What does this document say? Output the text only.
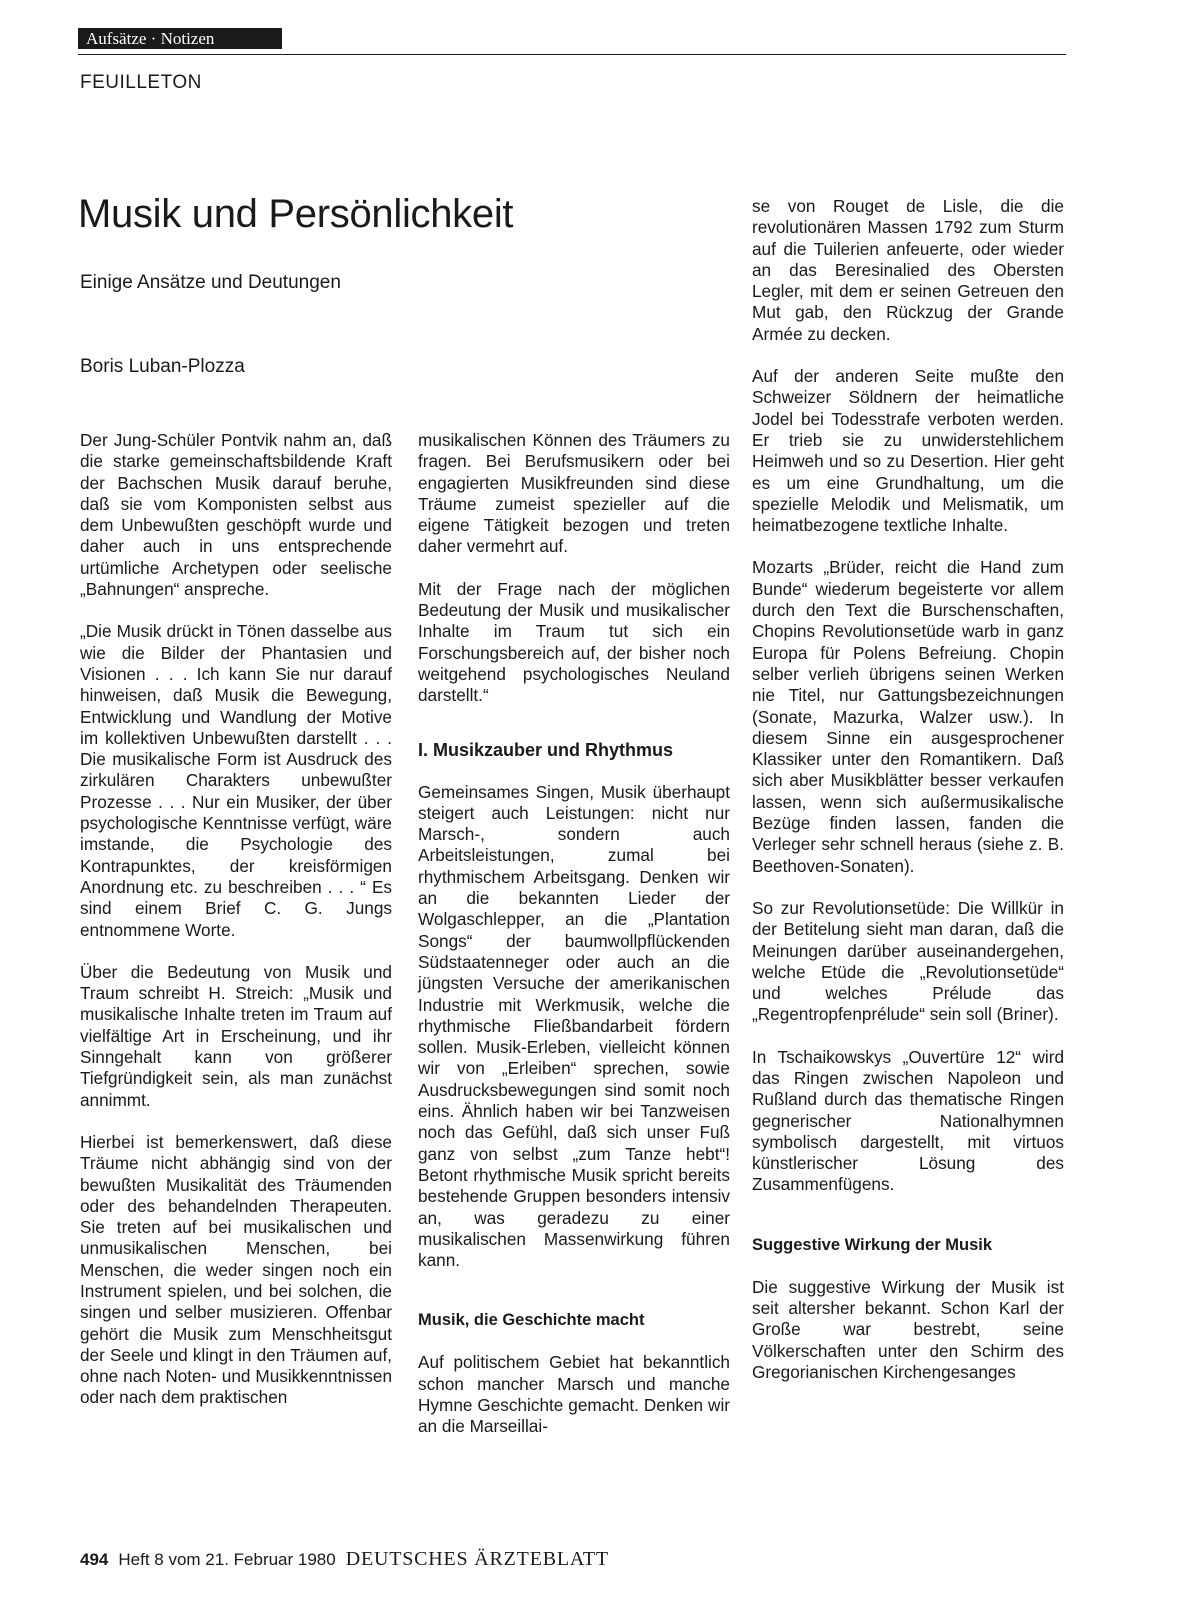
Aufsätze · Notizen
FEUILLETON
Musik und Persönlichkeit
Einige Ansätze und Deutungen
Boris Luban-Plozza

Der Jung-Schüler Pontvik nahm an, daß die starke gemeinschaftsbildende Kraft der Bachschen Musik darauf beruhe, daß sie vom Komponisten selbst aus dem Unbewußten geschöpft wurde und daher auch in uns entsprechende urtümliche Archetypen oder seelische „Bahnungen“ anspreche.

„Die Musik drückt in Tönen dasselbe aus wie die Bilder der Phantasien und Visionen . . . Ich kann Sie nur darauf hinweisen, daß Musik die Bewegung, Entwicklung und Wandlung der Motive im kollektiven Unbewußten darstellt . . . Die musikalische Form ist Ausdruck des zirkulären Charakters unbewußter Prozesse . . . Nur ein Musiker, der über psychologische Kenntnisse verfügt, wäre imstande, die Psychologie des Kontrapunktes, der kreisförmigen Anordnung etc. zu beschreiben . . . “ Es sind einem Brief C. G. Jungs entnommene Worte.

Über die Bedeutung von Musik und Traum schreibt H. Streich: „Musik und musikalische Inhalte treten im Traum auf vielfältige Art in Erscheinung, und ihr Sinngehalt kann von größerer Tiefgründigkeit sein, als man zunächst annimmt.

Hierbei ist bemerkenswert, daß diese Träume nicht abhängig sind von der bewußten Musikalität des Träumenden oder des behandelnden Therapeuten. Sie treten auf bei musikalischen und unmusikalischen Menschen, bei Menschen, die weder singen noch ein Instrument spielen, und bei solchen, die singen und selber musizieren. Offenbar gehört die Musik zum Menschheitsgut der Seele und klingt in den Träumen auf, ohne nach Noten- und Musikkenntnissen oder nach dem praktischen

musikalischen Können des Träumers zu fragen. Bei Berufsmusikern oder bei engagierten Musikfreunden sind diese Träume zumeist spezieller auf die eigene Tätigkeit bezogen und treten daher vermehrt auf.

Mit der Frage nach der möglichen Bedeutung der Musik und musikalischer Inhalte im Traum tut sich ein Forschungsbereich auf, der bisher noch weitgehend psychologisches Neuland darstellt.“

I. Musikzauber und Rhythmus

Gemeinsames Singen, Musik überhaupt steigert auch Leistungen: nicht nur Marsch-, sondern auch Arbeitsleistungen, zumal bei rhythmischem Arbeitsgang. Denken wir an die bekannten Lieder der Wolgaschlepper, an die „Plantation Songs“ der baumwollpflückenden Südstaatenneger oder auch an die jüngsten Versuche der amerikanischen Industrie mit Werkmusik, welche die rhythmische Fließbandarbeit fördern sollen. Musik-Erleben, vielleicht können wir von „Erleiben“ sprechen, sowie Ausdrucksbewegungen sind somit noch eins. Ähnlich haben wir bei Tanzweisen noch das Gefühl, daß sich unser Fuß ganz von selbst „zum Tanze hebt“! Betont rhythmische Musik spricht bereits bestehende Gruppen besonders intensiv an, was geradezu zu einer musikalischen Massenwirkung führen kann.

Musik, die Geschichte macht

Auf politischem Gebiet hat bekanntlich schon mancher Marsch und manche Hymne Geschichte gemacht. Denken wir an die Marseillai-

se von Rouget de Lisle, die die revolutionären Massen 1792 zum Sturm auf die Tuilerien anfeuerte, oder wieder an das Beresinalied des Obersten Legler, mit dem er seinen Getreuen den Mut gab, den Rückzug der Grande Armée zu decken.

Auf der anderen Seite mußte den Schweizer Söldnern der heimatliche Jodel bei Todesstrafe verboten werden. Er trieb sie zu unwiderstehlichem Heimweh und so zu Desertion. Hier geht es um eine Grundhaltung, um die spezielle Melodik und Melismatik, um heimatbezogene textliche Inhalte.

Mozarts „Brüder, reicht die Hand zum Bunde“ wiederum begeisterte vor allem durch den Text die Burschenschaften, Chopins Revolutionsetüde warb in ganz Europa für Polens Befreiung. Chopin selber verlieh übrigens seinen Werken nie Titel, nur Gattungsbezeichnungen (Sonate, Mazurka, Walzer usw.). In diesem Sinne ein ausgesprochener Klassiker unter den Romantikern. Daß sich aber Musikblätter besser verkaufen lassen, wenn sich außermusikalische Bezüge finden lassen, fanden die Verleger sehr schnell heraus (siehe z. B. Beethoven-Sonaten).

So zur Revolutionsetüde: Die Willkür in der Betitelung sieht man daran, daß die Meinungen darüber auseinandergehen, welche Etüde die „Revolutionsetüde“ und welches Prélude das „Regentropfenprélude“ sein soll (Briner).

In Tschaikowskys „Ouvertüre 12“ wird das Ringen zwischen Napoleon und Rußland durch das thematische Ringen gegnerischer Nationalhymnen symbolisch dargestellt, mit virtuos künstlerischer Lösung des Zusammenfügens.

Suggestive Wirkung der Musik

Die suggestive Wirkung der Musik ist seit altersher bekannt. Schon Karl der Große war bestrebt, seine Völkerschaften unter den Schirm des Gregorianischen Kirchengesanges

494 Heft 8 vom 21. Februar 1980 DEUTSCHES ÄRZTEBLATT
